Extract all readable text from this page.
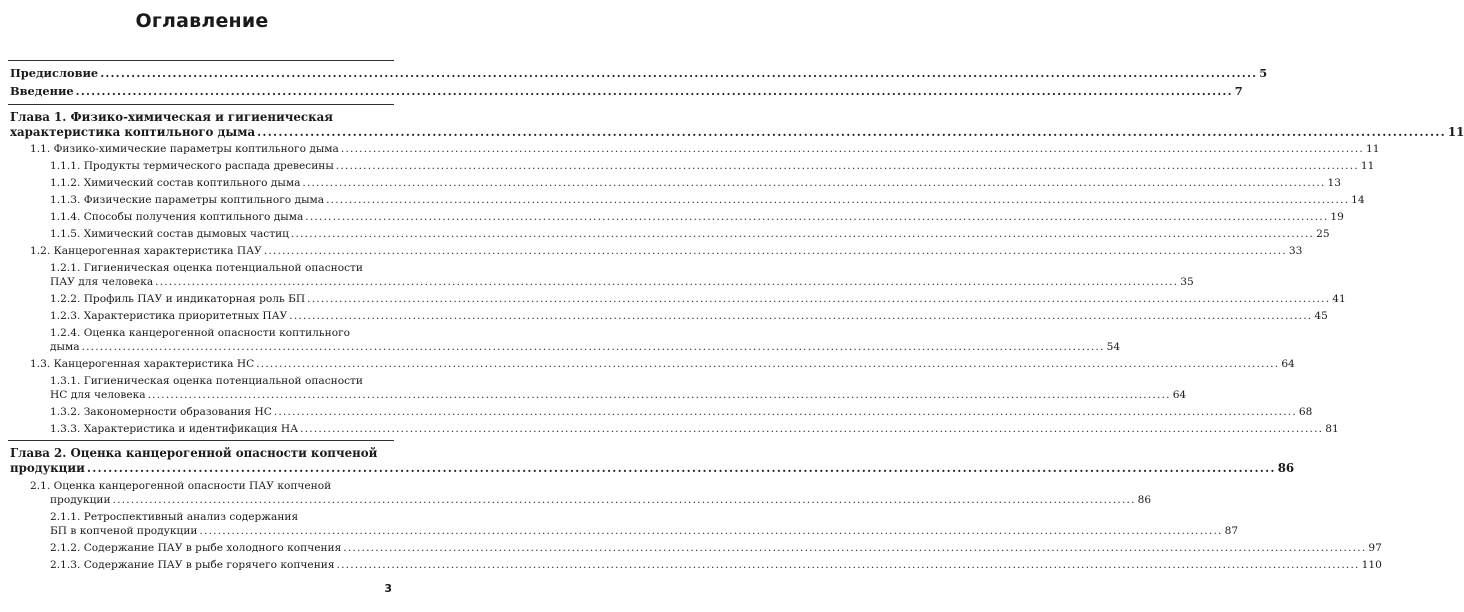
Оглавление
Предисловие .....	5
Введение .....	7
Глава 1. Физико-химическая и гигиеническая
характеристика коптильного дыма .....	11
1.1. Физико-химические параметры коптильного дыма .....	11
1.1.1. Продукты термического распада древесины .....	11
1.1.2. Химический состав коптильного дыма .....	13
1.1.3. Физические параметры коптильного дыма .....	14
1.1.4. Способы получения коптильного дыма .....	19
1.1.5. Химический состав дымовых частиц .....	25
1.2. Канцерогенная характеристика ПАУ .....	33
1.2.1. Гигиеническая оценка потенциальной опасности
ПАУ для человека .....	35
1.2.2. Профиль ПАУ и индикаторная роль БП .....	41
1.2.3. Характеристика приоритетных ПАУ .....	45
1.2.4. Оценка канцерогенной опасности коптильного
дыма .....	54
1.3. Канцерогенная характеристика НС .....	64
1.3.1. Гигиеническая оценка потенциальной опасности
НС для человека .....	64
1.3.2. Закономерности образования НС .....	68
1.3.3. Характеристика и идентификация НА .....	81
Глава 2. Оценка канцерогенной опасности копченой
продукции .....	86
2.1. Оценка канцерогенной опасности ПАУ копченой
продукции .....	86
2.1.1. Ретроспективный анализ содержания
БП в копченой продукции .....	87
2.1.2. Содержание ПАУ в рыбе холодного копчения .....	97
2.1.3. Содержание ПАУ в рыбе горячего копчения .....	110
3
